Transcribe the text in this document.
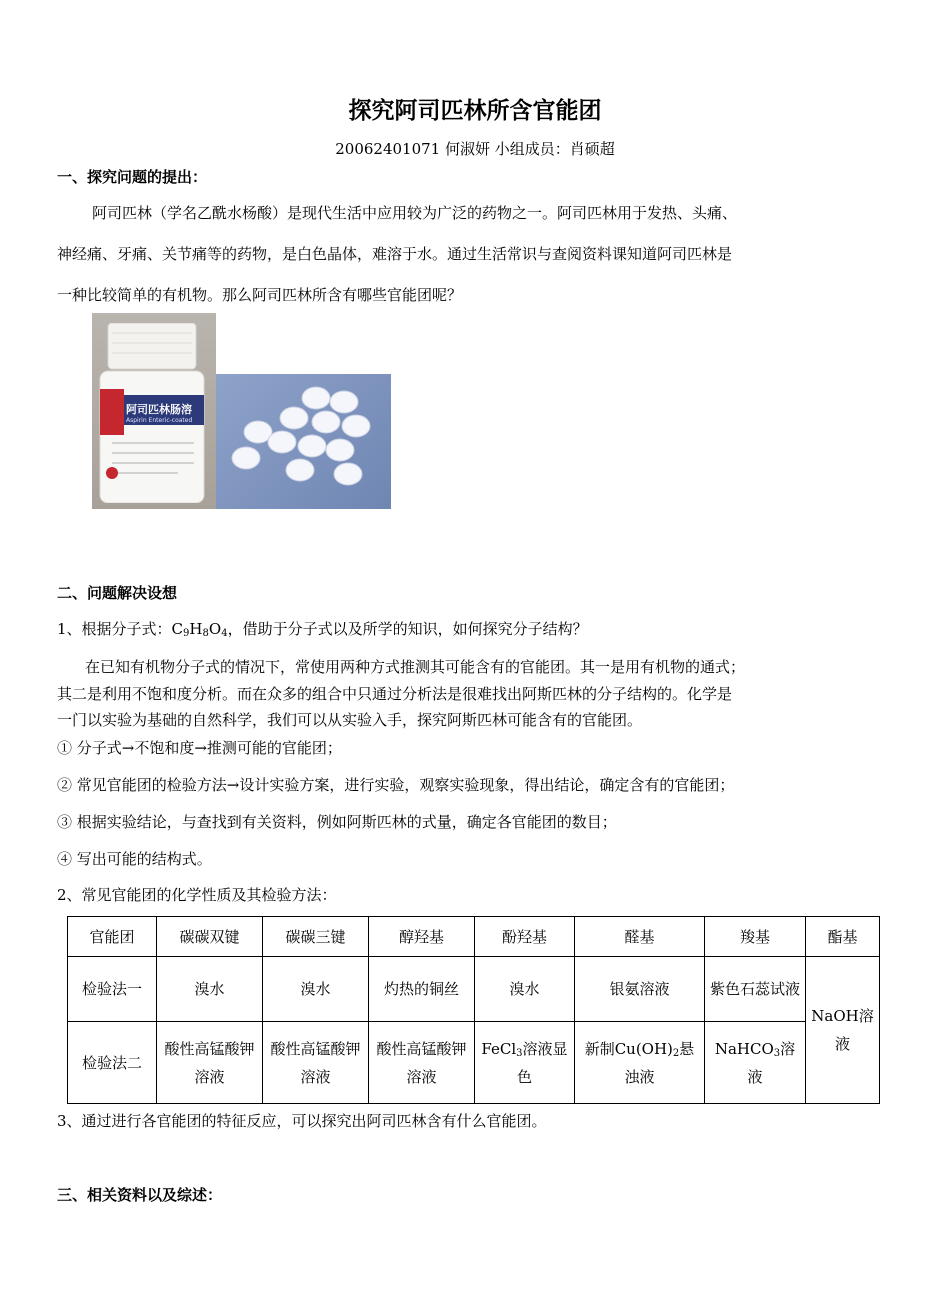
探究阿司匹林所含官能团
20062401071 何淑妍 小组成员：肖硕超
一、探究问题的提出：
阿司匹林（学名乙酰水杨酸）是现代生活中应用较为广泛的药物之一。阿司匹林用于发热、头痛、
神经痛、牙痛、关节痛等的药物，是白色晶体，难溶于水。通过生活常识与查阅资料课知道阿司匹林是
一种比较简单的有机物。那么阿司匹林所含有哪些官能团呢？
阿司匹林肠溶
Aspirin Enteric-coated
二、问题解决设想
1、根据分子式：$C_9H_8O_4$，借助于分子式以及所学的知识，如何探究分子结构？
在已知有机物分子式的情况下，常使用两种方式推测其可能含有的官能团。其一是用有机物的通式；
其二是利用不饱和度分析。而在众多的组合中只通过分析法是很难找出阿斯匹林的分子结构的。化学是
一门以实验为基础的自然科学，我们可以从实验入手，探究阿斯匹林可能含有的官能团。
① 分子式→不饱和度→推测可能的官能团；
② 常见官能团的检验方法→设计实验方案，进行实验，观察实验现象，得出结论，确定含有的官能团；
③ 根据实验结论，与查找到有关资料，例如阿斯匹林的式量，确定各官能团的数目；
④ 写出可能的结构式。
2、常见官能团的化学性质及其检验方法：
官能团	碳碳双键	碳碳三键	醇羟基	酚羟基	醛基	羧基	酯基
检验法一	溴水	溴水	灼热的铜丝	溴水	银氨溶液	紫色石蕊试液	NaOH溶液
检验法二	酸性高锰酸钾溶液	酸性高锰酸钾溶液	酸性高锰酸钾溶液	FeCl$_3$溶液显色	新制$Cu(OH)_2$悬浊液	NaHCO$_3$溶液	
3、通过进行各官能团的特征反应，可以探究出阿司匹林含有什么官能团。
三、相关资料以及综述：
